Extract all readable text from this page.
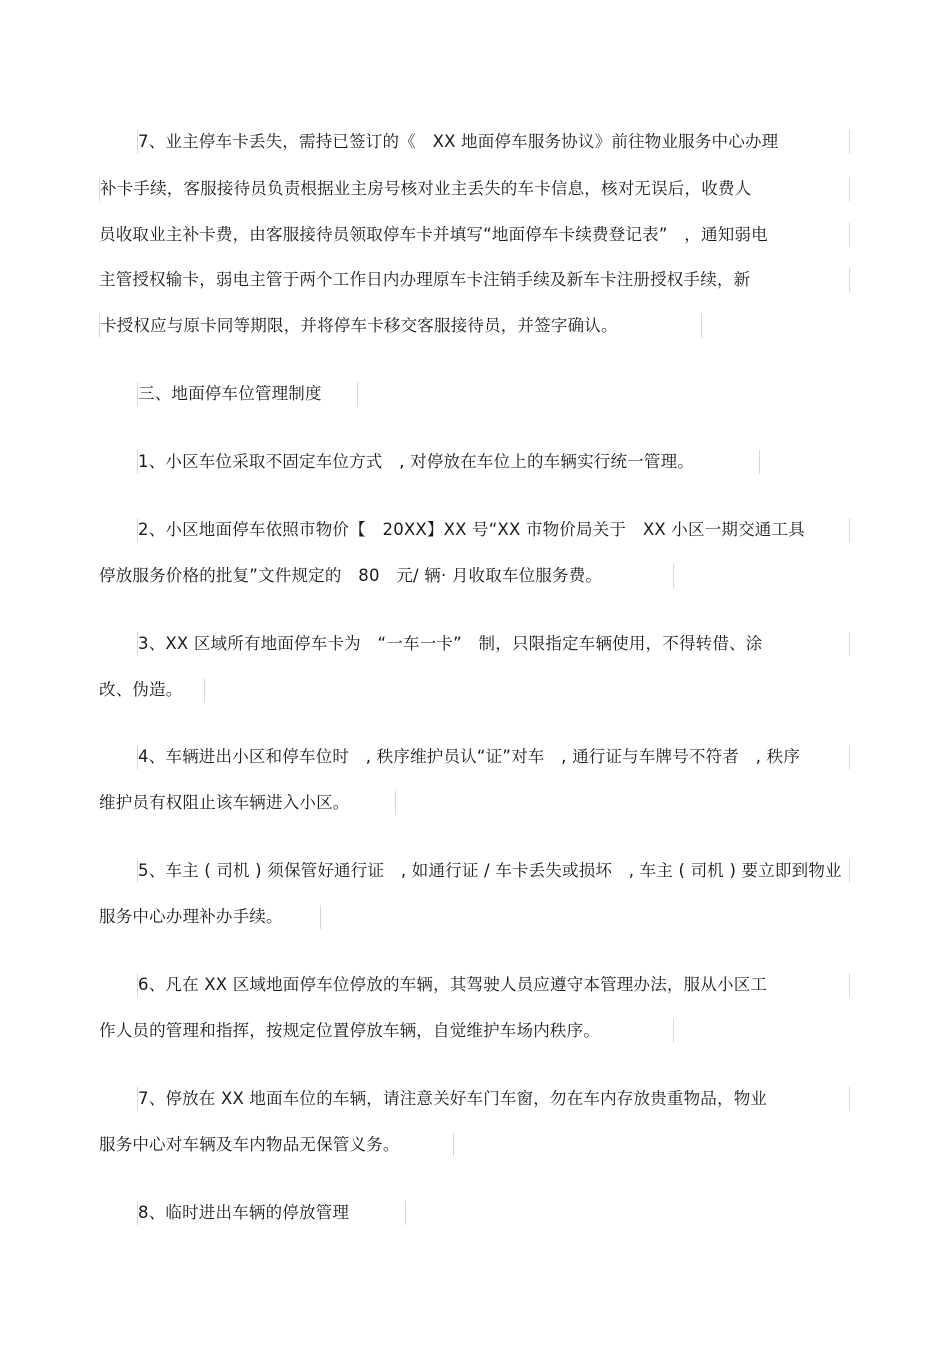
7、业主停车卡丢失，需持已签订的《　XX 地面停车服务协议》前往物业服务中心办理
补卡手续，客服接待员负责根据业主房号核对业主丢失的车卡信息，核对无误后，收费人
员收取业主补卡费，由客服接待员领取停车卡并填写“地面停车卡续费登记表”　，通知弱电
主管授权输卡，弱电主管于两个工作日内办理原车卡注销手续及新车卡注册授权手续，新
卡授权应与原卡同等期限，并将停车卡移交客服接待员，并签字确认。
三、地面停车位管理制度
1、小区车位采取不固定车位方式　, 对停放在车位上的车辆实行统一管理。
2、小区地面停车依照市物价【　20XX】XX 号“XX 市物价局关于　XX 小区一期交通工具
停放服务价格的批复”文件规定的　80　元/ 辆· 月收取车位服务费。
3、XX 区域所有地面停车卡为　“一车一卡”　制，只限指定车辆使用，不得转借、涂
改、伪造。
4、车辆进出小区和停车位时　, 秩序维护员认“证”对车　, 通行证与车牌号不符者　, 秩序
维护员有权阻止该车辆进入小区。
5、车主 ( 司机 ) 须保管好通行证　, 如通行证 / 车卡丢失或损坏　, 车主 ( 司机 ) 要立即到物业
服务中心办理补办手续。
6、凡在 XX 区域地面停车位停放的车辆，其驾驶人员应遵守本管理办法，服从小区工
作人员的管理和指挥，按规定位置停放车辆，自觉维护车场内秩序。
7、停放在 XX 地面车位的车辆，请注意关好车门车窗，勿在车内存放贵重物品，物业
服务中心对车辆及车内物品无保管义务。
8、临时进出车辆的停放管理
